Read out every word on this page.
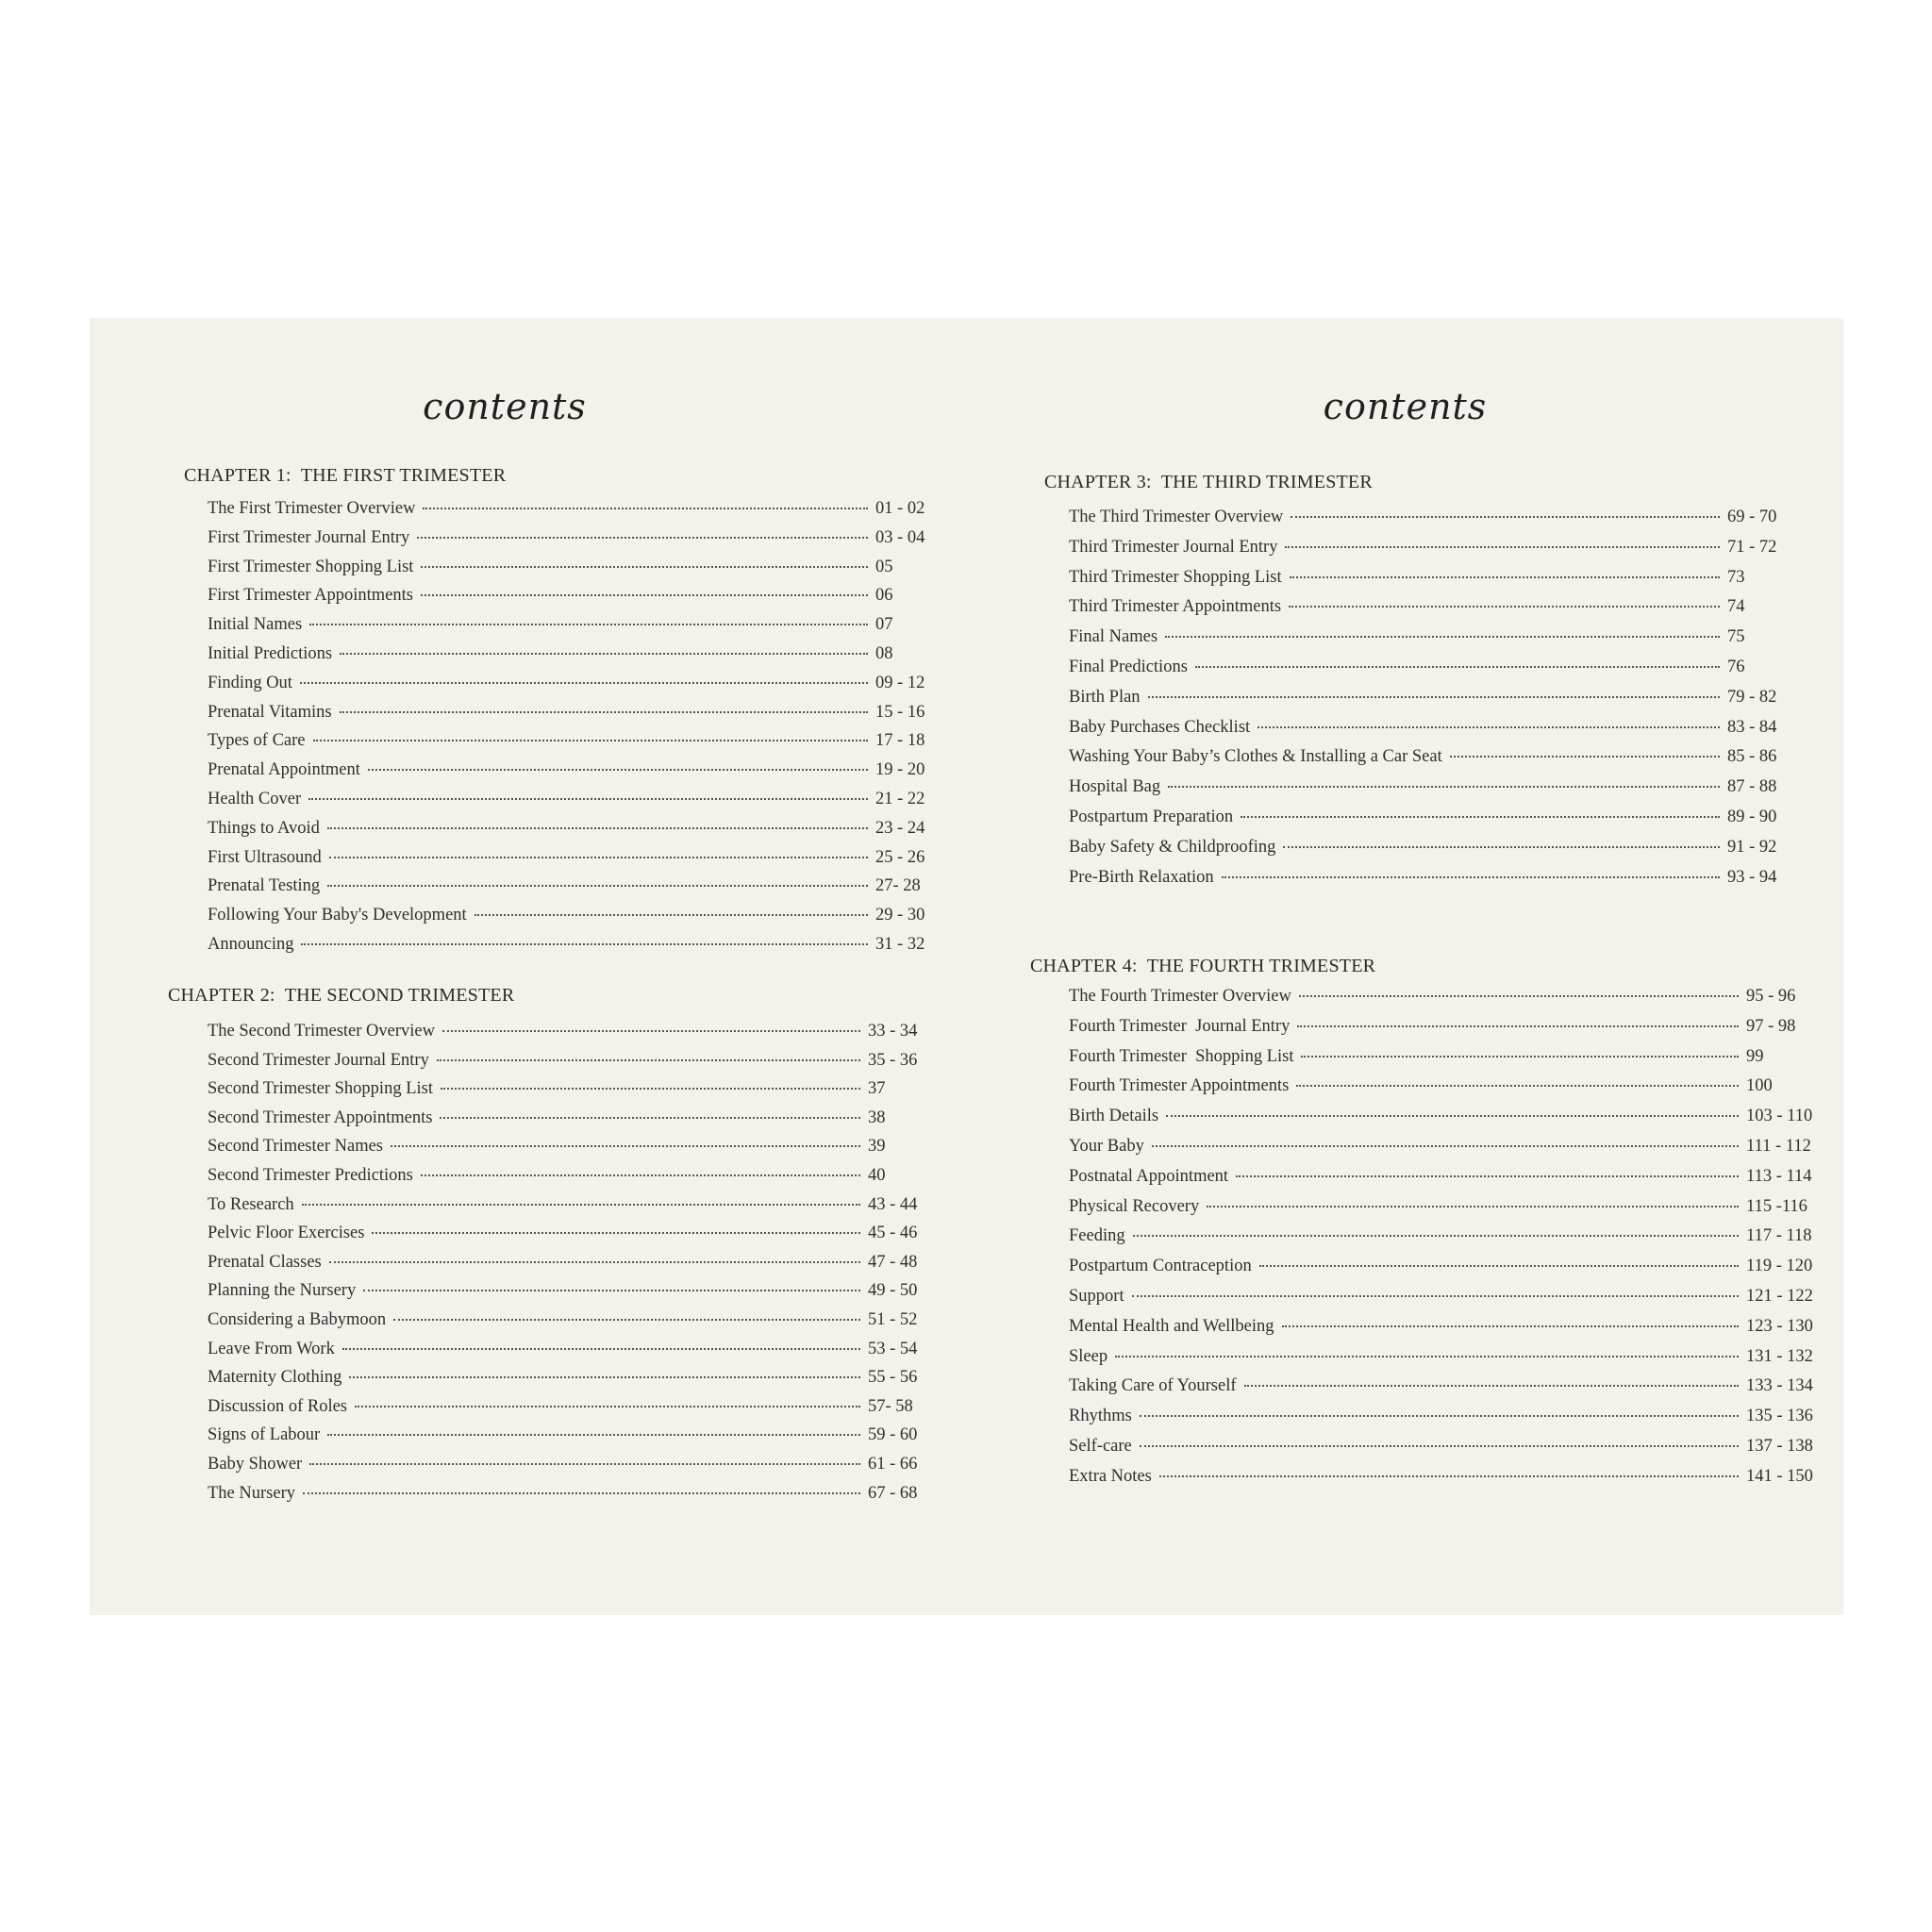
contents
CHAPTER 1:  THE FIRST TRIMESTER
The First Trimester Overview	01 - 02
First Trimester Journal Entry	03 - 04
First Trimester Shopping List	05
First Trimester Appointments	06
Initial Names	07
Initial Predictions	08
Finding Out	09 - 12
Prenatal Vitamins	15 - 16
Types of Care	17 - 18
Prenatal Appointment	19 - 20
Health Cover	21 - 22
Things to Avoid	23 - 24
First Ultrasound	25 - 26
Prenatal Testing	27- 28
Following Your Baby's Development	29 - 30
Announcing	31 - 32
CHAPTER 2:  THE SECOND TRIMESTER
The Second Trimester Overview	33 - 34
Second Trimester Journal Entry	35 - 36
Second Trimester Shopping List	37
Second Trimester Appointments	38
Second Trimester Names	39
Second Trimester Predictions	40
To Research	43 - 44
Pelvic Floor Exercises	45 - 46
Prenatal Classes	47 - 48
Planning the Nursery	49 - 50
Considering a Babymoon	51 - 52
Leave From Work	53 - 54
Maternity Clothing	55 - 56
Discussion of Roles	57- 58
Signs of Labour	59 - 60
Baby Shower	61 - 66
The Nursery	67 - 68
contents
CHAPTER 3:  THE THIRD TRIMESTER
The Third Trimester Overview	69 - 70
Third Trimester Journal Entry	71 - 72
Third Trimester Shopping List	73
Third Trimester Appointments	74
Final Names	75
Final Predictions	76
Birth Plan	79 - 82
Baby Purchases Checklist	83 - 84
Washing Your Baby’s Clothes & Installing a Car Seat	85 - 86
Hospital Bag	87 - 88
Postpartum Preparation	89 - 90
Baby Safety & Childproofing	91 - 92
Pre-Birth Relaxation	93 - 94
CHAPTER 4:  THE FOURTH TRIMESTER
The Fourth Trimester Overview	95 - 96
Fourth Trimester  Journal Entry	97 - 98
Fourth Trimester  Shopping List	99
Fourth Trimester Appointments	100
Birth Details	103 - 110
Your Baby	111 - 112
Postnatal Appointment	113 - 114
Physical Recovery	115 -116
Feeding	117 - 118
Postpartum Contraception	119 - 120
Support	121 - 122
Mental Health and Wellbeing	123 - 130
Sleep	131 - 132
Taking Care of Yourself	133 - 134
Rhythms	135 - 136
Self-care	137 - 138
Extra Notes	141 - 150
